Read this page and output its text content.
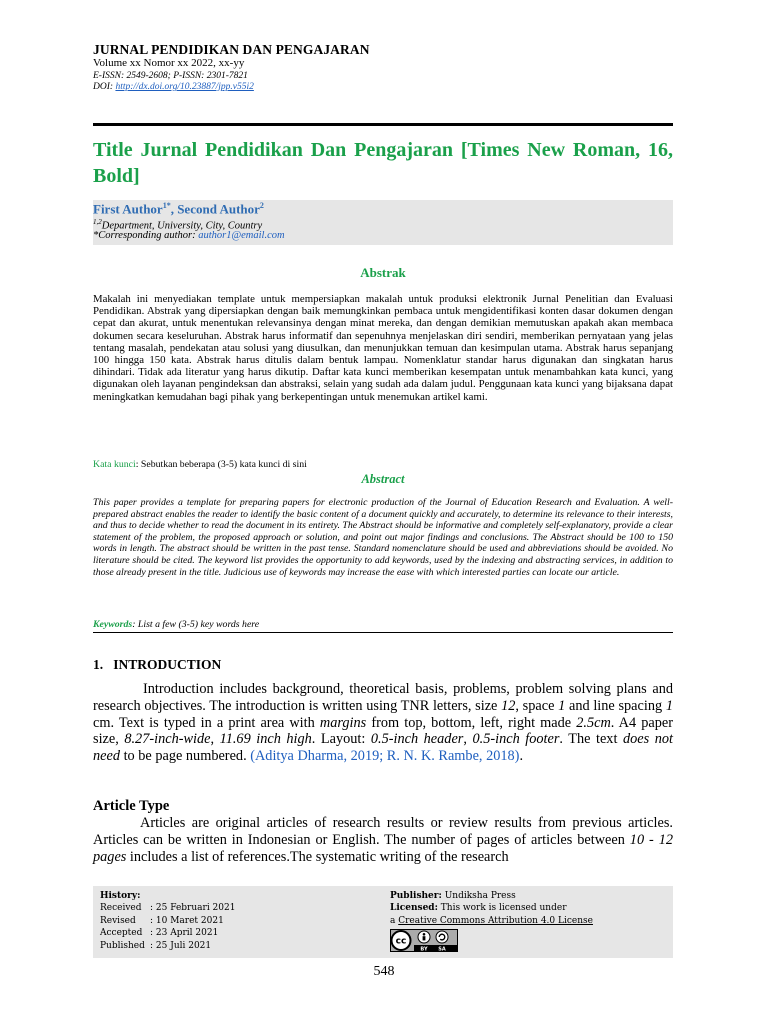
JURNAL PENDIDIKAN DAN PENGAJARAN
Volume xx Nomor xx 2022, xx-yy
E-ISSN: 2549-2608; P-ISSN: 2301-7821
DOI: http://dx.doi.org/10.23887/jpp.v55i2
Title Jurnal Pendidikan Dan Pengajaran [Times New Roman, 16, Bold]
First Author$^{1*}$, Second Author$^2$
$^{1,2}$Department, University, City, Country
*Corresponding author: author1@email.com
Abstrak
Makalah ini menyediakan template untuk mempersiapkan makalah untuk produksi elektronik Jurnal Penelitian dan Evaluasi Pendidikan. Abstrak yang dipersiapkan dengan baik memungkinkan pembaca untuk mengidentifikasi konten dasar dokumen dengan cepat dan akurat, untuk menentukan relevansinya dengan minat mereka, dan dengan demikian memutuskan apakah akan membaca dokumen secara keseluruhan. Abstrak harus informatif dan sepenuhnya menjelaskan diri sendiri, memberikan pernyataan yang jelas tentang masalah, pendekatan atau solusi yang diusulkan, dan menunjukkan temuan dan kesimpulan utama. Abstrak harus sepanjang 100 hingga 150 kata. Abstrak harus ditulis dalam bentuk lampau. Nomenklatur standar harus digunakan dan singkatan harus dihindari. Tidak ada literatur yang harus dikutip. Daftar kata kunci memberikan kesempatan untuk menambahkan kata kunci, yang digunakan oleh layanan pengindeksan dan abstraksi, selain yang sudah ada dalam judul. Penggunaan kata kunci yang bijaksana dapat meningkatkan kemudahan bagi pihak yang berkepentingan untuk menemukan artikel kami.
Kata kunci: Sebutkan beberapa (3-5) kata kunci di sini
Abstract
This paper provides a template for preparing papers for electronic production of the Journal of Education Research and Evaluation. A well-prepared abstract enables the reader to identify the basic content of a document quickly and accurately, to determine its relevance to their interests, and thus to decide whether to read the document in its entirety. The Abstract should be informative and completely self-explanatory, provide a clear statement of the problem, the proposed approach or solution, and point out major findings and conclusions. The Abstract should be 100 to 150 words in length. The abstract should be written in the past tense. Standard nomenclature should be used and abbreviations should be avoided. No literature should be cited. The keyword list provides the opportunity to add keywords, used by the indexing and abstracting services, in addition to those already present in the title. Judicious use of keywords may increase the ease with which interested parties can locate our article.
Keywords: List a few (3-5) key words here
1.   INTRODUCTION
Introduction includes background, theoretical basis, problems, problem solving plans and research objectives. The introduction is written using TNR letters, size 12, space 1 and line spacing 1 cm. Text is typed in a print area with margins from top, bottom, left, right made 2.5cm. A4 paper size, 8.27-inch-wide, 11.69 inch high. Layout: 0.5-inch header, 0.5-inch footer. The text does not need to be page numbered. (Aditya Dharma, 2019; R. N. K. Rambe, 2018).
Article Type
Articles are original articles of research results or review results from previous articles. Articles can be written in Indonesian or English. The number of pages of articles between 10 - 12 pages includes a list of references.The systematic writing of the research
History:
Received : 25 Februari 2021
Revised : 10 Maret 2021
Accepted : 23 April 2021
Published : 25 Juli 2021
Publisher: Undiksha Press
Licensed: This work is licensed under
a Creative Commons Attribution 4.0 License
cc
BY SA
548
